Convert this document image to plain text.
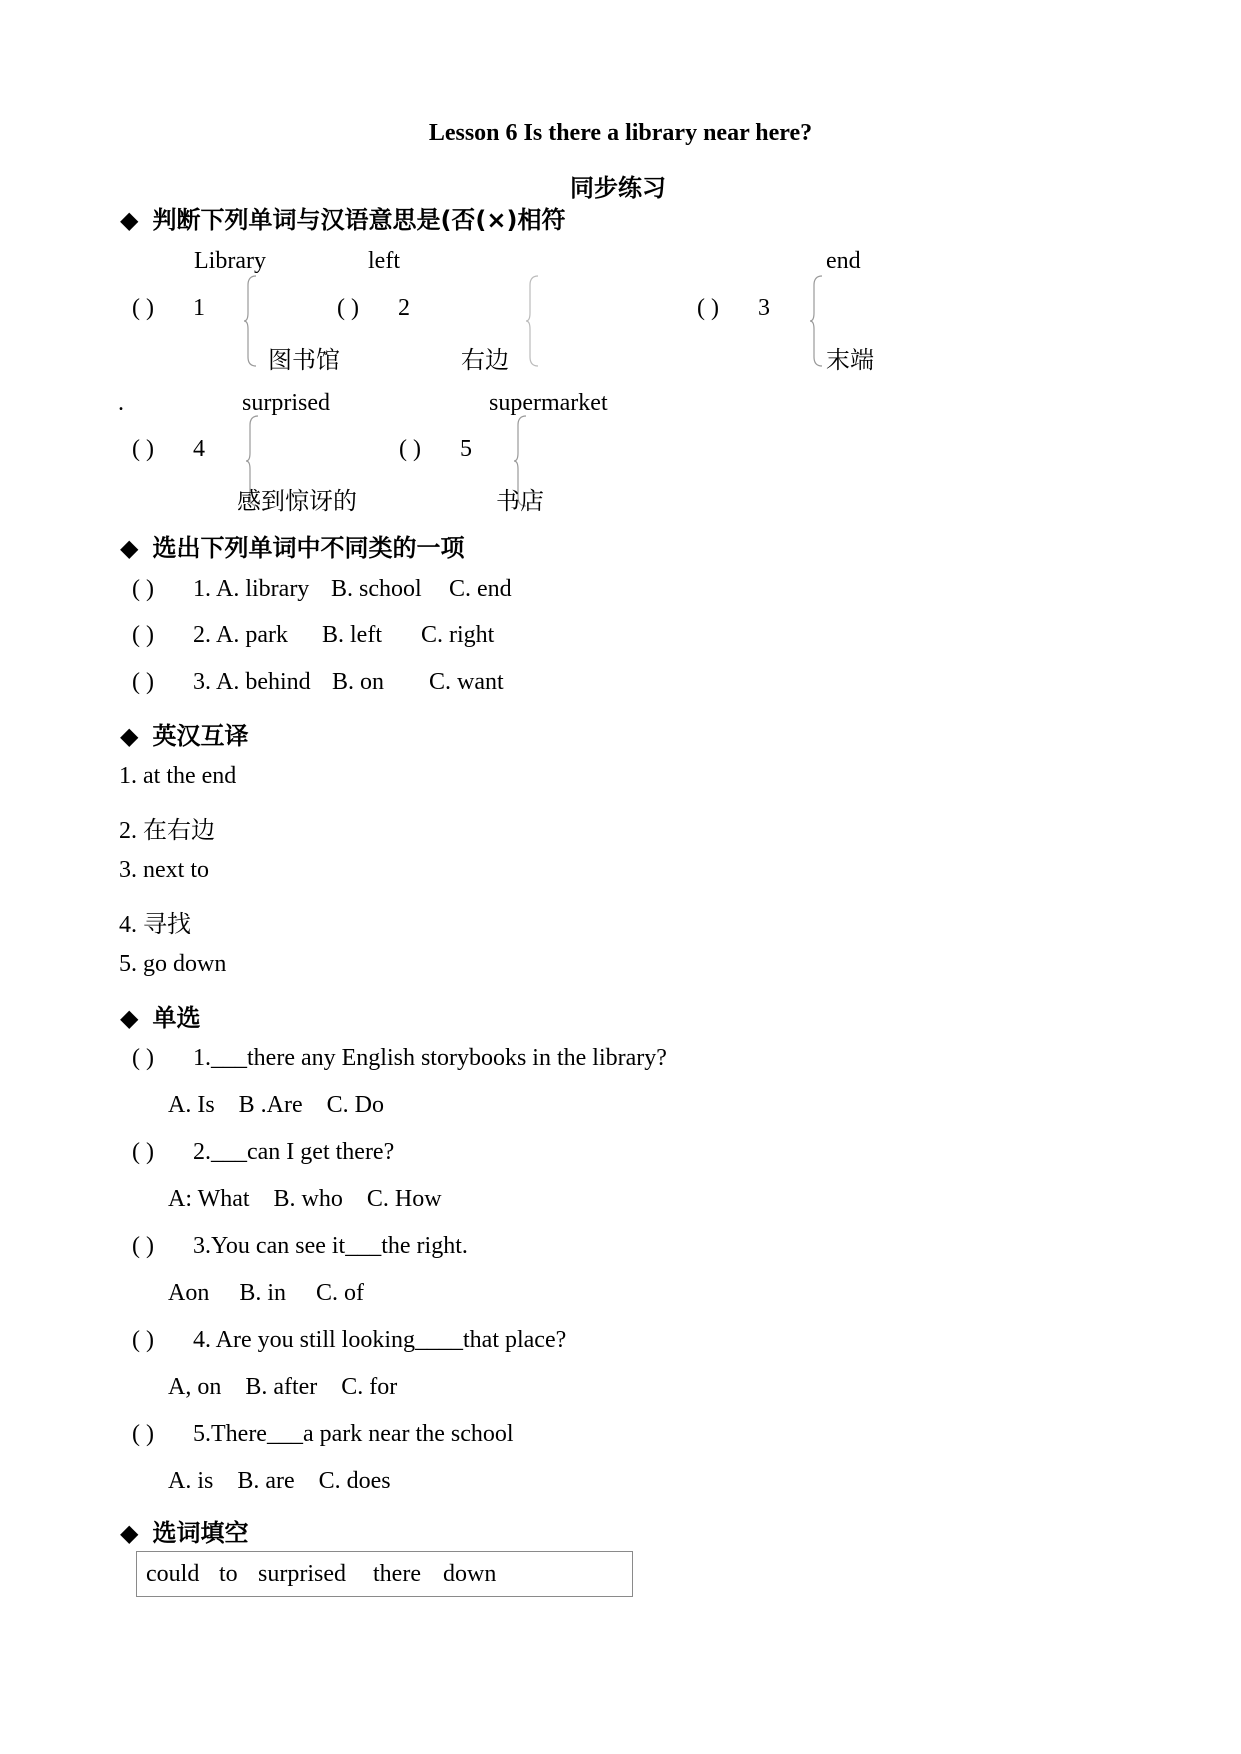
Lesson 6 Is there a library near here?
同步练习
◆ 判断下列单词与汉语意思是(否(×)相符
Library
( ) 1
图书馆
left
( ) 2
右边
end
( ) 3
末端
.	surprised
( ) 4
感到惊讶的
supermarket
( ) 5
书店
◆ 选出下列单词中不同类的一项
( ) 1. A. library B. school C. end
( ) 2. A. park B. left C. right
( ) 3. A. behind B. on C. want
◆ 英汉互译
1. at the end
2. 在右边
3. next to
4. 寻找
5. go down
◆ 单选
( ) 1.___there any English storybooks in the library?
A. Is    B .Are    C. Do
( ) 2.___can I get there?
A: What    B. who    C. How
( ) 3.You can see it___the right.
Aon     B. in     C. of
( ) 4. Are you still looking____that place?
A, on    B. after    C. for
( ) 5.There___a park near the school
A. is    B. are    C. does
◆ 选词填空
could to surprised there down
